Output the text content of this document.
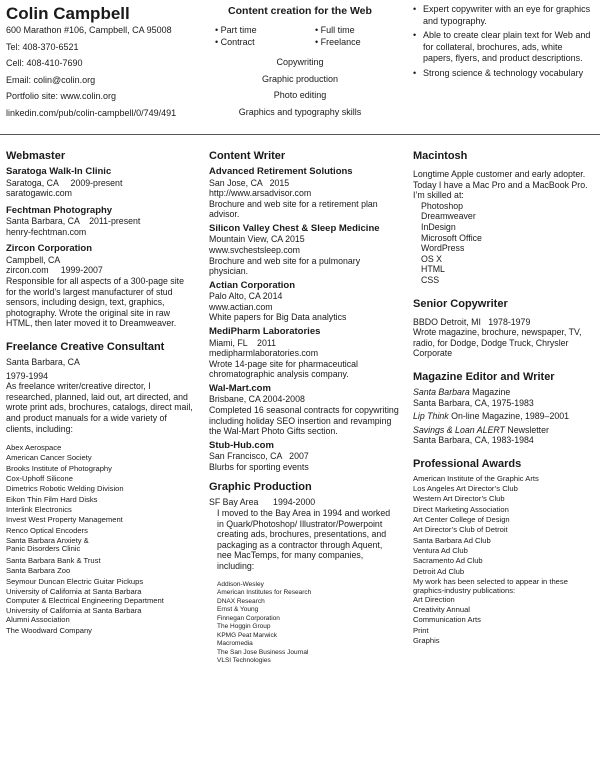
Colin Campbell
600 Marathon #106, Campbell, CA 95008
Tel: 408-370-6521
Cell: 408-410-7690
Email: colin@colin.org
Portfolio site: www.colin.org
linkedin.com/pub/colin-campbell/0/749/491
Content creation for the Web
• Part time
• Contract
• Full time
• Freelance
Copywriting
Graphic production
Photo editing
Graphics and typography skills
• Expert copywriter with an eye for graphics and typography.
• Able to create clear plain text for Web and for collateral, brochures, ads, white papers, flyers, and product descriptions.
• Strong science & technology vocabulary
Webmaster
Saratoga Walk-In Clinic
Saratoga, CA     2009-present
saratogawic.com
Fechtman Photography
Santa Barbara, CA    2011-present
henry-fechtman.com
Zircon Corporation
Campbell, CA
zircon.com     1999-2007
Responsible for all aspects of a 300-page site for the world’s largest manufacturer of stud sensors, including design, text, graphics, photography. Wrote the original site in raw HTML, then later moved it to Dreamweaver.
Freelance Creative Consultant
Santa Barbara, CA
1979-1994
As freelance writer/creative director, I researched, planned, laid out, art directed, and wrote print ads, brochures, catalogs, direct mail, and product manuals for a wide variety of clients, including:
Abex Aerospace
American Cancer Society
Brooks Institute of Photography
Cox-Uphoff Silicone
Dimetrics Robotic Welding Division
Eikon Thin Film Hard Disks
Interlink Electronics
Invest West Property Management
Renco Optical Encoders
Santa Barbara Anxiety &
Panic Disorders Clinic
Santa Barbara Bank & Trust
Santa Barbara Zoo
Seymour Duncan Electric Guitar Pickups
University of California at Santa Barbara
Computer & Electrical Engineering Department
University of California at Santa Barbara
Alumni Association
The Woodward Company
Content Writer
Advanced Retirement Solutions
San Jose, CA   2015
http://www.arsadvisor.com
Brochure and web site for a retirement plan advisor.
Silicon Valley Chest & Sleep Medicine
Mountain View, CA 2015
www.svchestsleep.com
Brochure and web site for a pulmonary physician.
Actian Corporation
Palo Alto, CA 2014
www.actian.com
White papers for Big Data analytics
MediPharm Laboratories
Miami, FL    2011
medipharmlaboratories.com
Wrote 14-page site for pharmaceutical chromatographic analysis company.
Wal-Mart.com
Brisbane, CA 2004-2008
Completed 16 seasonal contracts for copywriting including holiday SEO insertion and revamping the Wal-Mart Photo Gifts section.
Stub-Hub.com
San Francisco, CA   2007
Blurbs for sporting events
Graphic Production
SF Bay Area      1994-2000
I moved to the Bay Area in 1994 and worked in Quark/Photoshop/ Illustrator/Powerpoint creating ads, brochures, presentations, and packaging as a contractor through Aquent, nee MacTemps, for many companies, including:
Addison-Wesley
American Institutes for Research
DNAX Research
Ernst & Young
Finnegan Corporation
The Hoggin Group
KPMG Peat Marwick
Macromedia
The San Jose Business Journal
VLSI Technologies
Macintosh
Longtime Apple customer and early adopter. Today I have a Mac Pro and a MacBook Pro. I’m skilled at:
Photoshop
Dreamweaver
InDesign
Microsoft Office
WordPress
OS X
HTML
CSS
Senior Copywriter
BBDO Detroit, MI   1978-1979
Wrote magazine, brochure, newspaper, TV, radio, for Dodge, Dodge Truck, Chrysler Corporate
Magazine Editor and Writer
Santa Barbara Magazine
Santa Barbara, CA, 1975-1983
Lip Think On-line Magazine, 1989–2001
Savings & Loan ALERT Newsletter
Santa Barbara, CA, 1983-1984
Professional Awards
American Institute of the Graphic Arts
Los Angeles Art Director’s Club
Western Art Director’s Club
Direct Marketing Association
Art Center College of Design
Art Director’s Club of Detroit
Santa Barbara Ad Club
Ventura Ad Club
Sacramento Ad Club
Detroit Ad Club
My work has been selected to appear in these graphics-industry publications:
Art Direction
Creativity Annual
Communication Arts
Print
Graphis
